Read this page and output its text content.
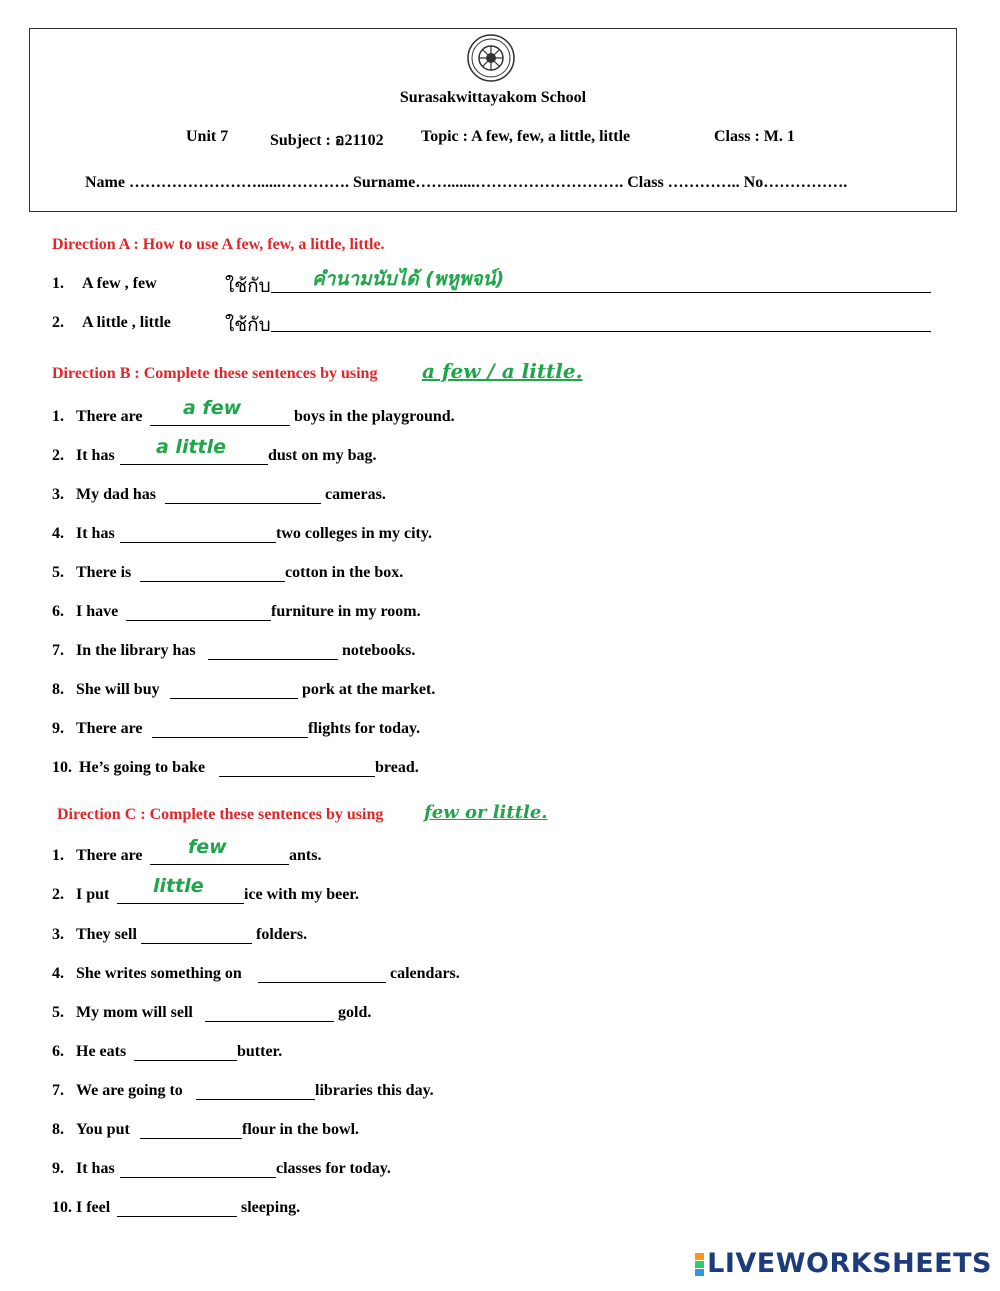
Surasakwittayakom School
Unit 7	Subject : อ21102 Topic : A few, few, a little, little	Class : M. 1
Name ……………………......…………. Surname…….......………………………. Class ………….. No…………….
Direction A : How to use A few, few, a little, little.
1. A few , few	ใช้กับ คำนามนับได้ (พหูพจน์)
2. A little , little	ใช้กับ
Direction B : Complete these sentences by using a few / a little.
1. There are	boys in the playground.
a few
2. It has	dust on my bag.
a little
3. My dad has	cameras.
4. It has	two colleges in my city.
5. There is	cotton in the box.
6. I have	furniture in my room.
7. In the library has	notebooks.
8. She will buy	pork at the market.
9. There are	flights for today.
10. He’s going to bake	bread.
Direction C : Complete these sentences by using few or little.
1. There are	ants.
few
2. I put	ice with my beer.
little
3. They sell	folders.
4. She writes something on	calendars.
5. My mom will sell	gold.
6. He eats	butter.
7. We are going to	libraries this day.
8. You put	flour in the bowl.
9. It has	classes for today.
10. I feel	sleeping.
LIVEWORKSHEETS
